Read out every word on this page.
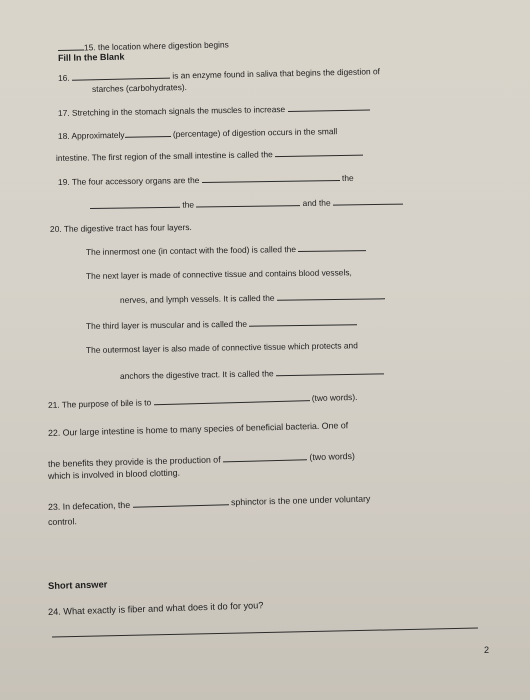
15. the location where digestion begins
Fill In the Blank
16.	is an enzyme found in saliva that begins the digestion of
starches (carbohydrates).
17. Stretching in the stomach signals the muscles to increase
18. Approximately	(percentage) of digestion occurs in the small
intestine. The first region of the small intestine is called the
19. The four accessory organs are the	the
the	and the
20. The digestive tract has four layers.
The innermost one (in contact with the food) is called the
The next layer is made of connective tissue and contains blood vessels,
nerves, and lymph vessels. It is called the
The third layer is muscular and is called the
The outermost layer is also made of connective tissue which protects and
anchors the digestive tract. It is called the
21. The purpose of bile is to	(two words).
22. Our large intestine is home to many species of beneficial bacteria. One of
the benefits they provide is the production of	(two words)
which is involved in blood clotting.
23. In defecation, the	sphinctor is the one under voluntary
control.
Short answer
24. What exactly is fiber and what does it do for you?
2
